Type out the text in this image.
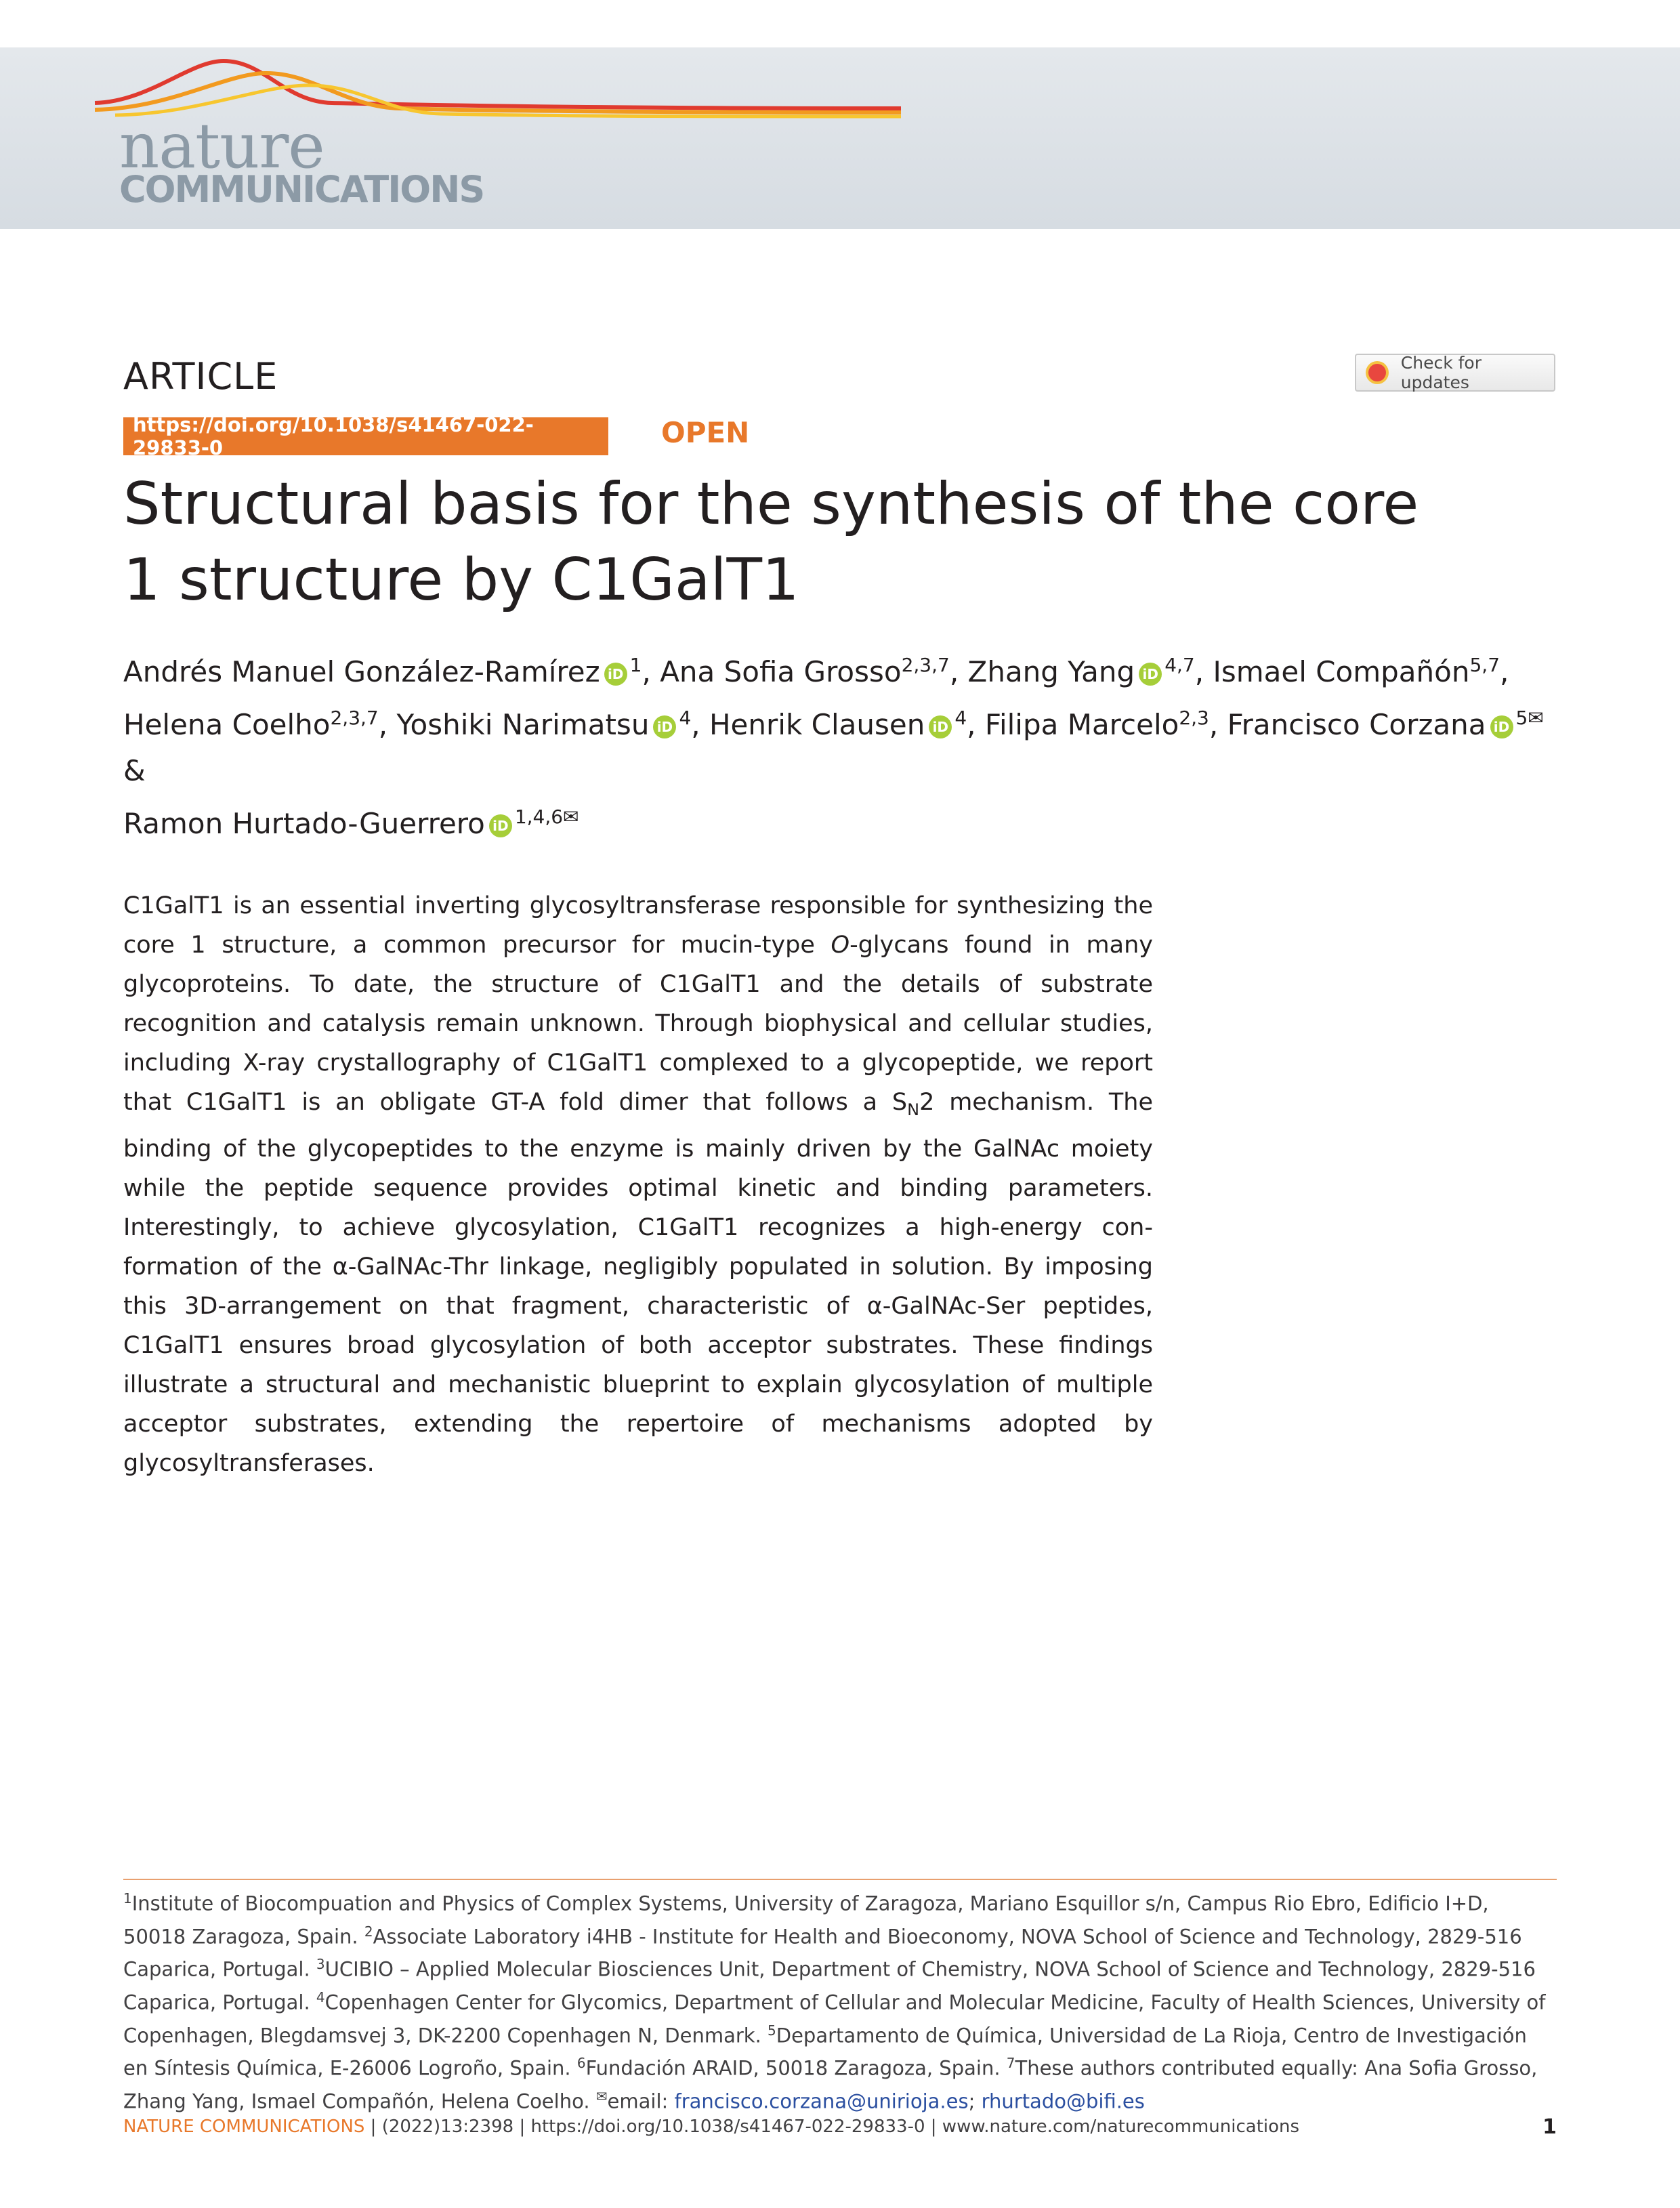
nature
COMMUNICATIONS
ARTICLE	Check for updates
https://doi.org/10.1038/s41467-022-29833-0	OPEN
Structural basis for the synthesis of the core
1 structure by C1GalT1
Andrés Manuel González-Ramírez iD $^1$, Ana Sofia Grosso$^{2,3,7}$, Zhang Yang iD $^{4,7}$, Ismael Compañón$^{5,7}$,
Helena Coelho$^{2,3,7}$, Yoshiki Narimatsu iD $^4$, Henrik Clausen iD $^4$, Filipa Marcelo$^{2,3}$, Francisco Corzana iD $^{5✉}$ &
Ramon Hurtado-Guerrero iD $^{1,4,6✉}$
C1GalT1 is an essential inverting glycosyltransferase responsible for synthesizing the core 1 structure, a common precursor for mucin-type O-glycans found in many glycoproteins. To date, the structure of C1GalT1 and the details of substrate recognition and catalysis remain unknown. Through biophysical and cellular studies, including X-ray crystallography of C1GalT1 complexed to a glycopeptide, we report that C1GalT1 is an obligate GT-A fold dimer that follows a $S_N2$ mechanism. The binding of the glycopeptides to the enzyme is mainly driven by the GalNAc moiety while the peptide sequence provides optimal kinetic and binding parameters. Interestingly, to achieve glycosylation, C1GalT1 recognizes a high-energy conformation of the α-GalNAc-Thr linkage, negligibly populated in solution. By imposing this 3D-arrangement on that fragment, characteristic of α-GalNAc-Ser peptides, C1GalT1 ensures broad glycosylation of both acceptor substrates. These findings illustrate a structural and mechanistic blueprint to explain glycosylation of multiple acceptor substrates, extending the repertoire of mechanisms adopted by glycosyltransferases.
$^1$Institute of Biocompuation and Physics of Complex Systems, University of Zaragoza, Mariano Esquillor s/n, Campus Rio Ebro, Edificio I+D, 50018 Zaragoza, Spain. $^2$Associate Laboratory i4HB - Institute for Health and Bioeconomy, NOVA School of Science and Technology, 2829-516 Caparica, Portugal. $^3$UCIBIO – Applied Molecular Biosciences Unit, Department of Chemistry, NOVA School of Science and Technology, 2829-516 Caparica, Portugal. $^4$Copenhagen Center for Glycomics, Department of Cellular and Molecular Medicine, Faculty of Health Sciences, University of Copenhagen, Blegdamsvej 3, DK-2200 Copenhagen N, Denmark. $^5$Departamento de Química, Universidad de La Rioja, Centro de Investigación en Síntesis Química, E-26006 Logroño, Spain. $^6$Fundación ARAID, 50018 Zaragoza, Spain. $^7$These authors contributed equally: Ana Sofia Grosso, Zhang Yang, Ismael Compañón, Helena Coelho. ✉email: francisco.corzana@unirioja.es; rhurtado@bifi.es
NATURE COMMUNICATIONS | (2022)13:2398 | https://doi.org/10.1038/s41467-022-29833-0 | www.nature.com/naturecommunications	1
